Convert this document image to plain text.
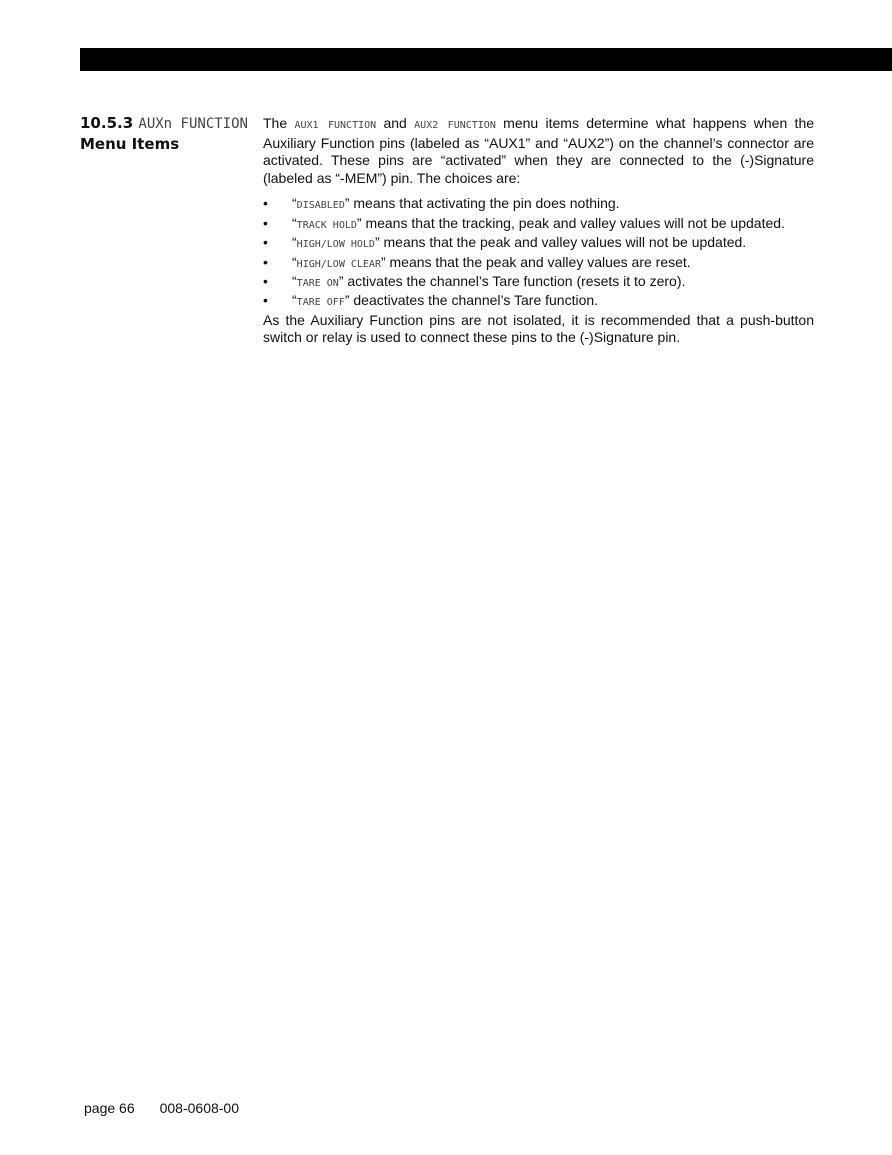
10.5.3 AUXn FUNCTION
Menu Items

The AUX1 FUNCTION and AUX2 FUNCTION menu items determine what happens when the Auxiliary Function pins (labeled as “AUX1” and “AUX2”) on the channel’s connector are activated. These pins are “activated” when they are connected to the (-)Signature (labeled as “-MEM”) pin. The choices are:

• “DISABLED” means that activating the pin does nothing.
• “TRACK HOLD” means that the tracking, peak and valley values will not be updated.
• “HIGH/LOW HOLD” means that the peak and valley values will not be updated.
• “HIGH/LOW CLEAR” means that the peak and valley values are reset.
• “TARE ON” activates the channel’s Tare function (resets it to zero).
• “TARE OFF” deactivates the channel’s Tare function.

As the Auxiliary Function pins are not isolated, it is recommended that a push-button switch or relay is used to connect these pins to the (-)Signature pin.

page 66 008-0608-00
